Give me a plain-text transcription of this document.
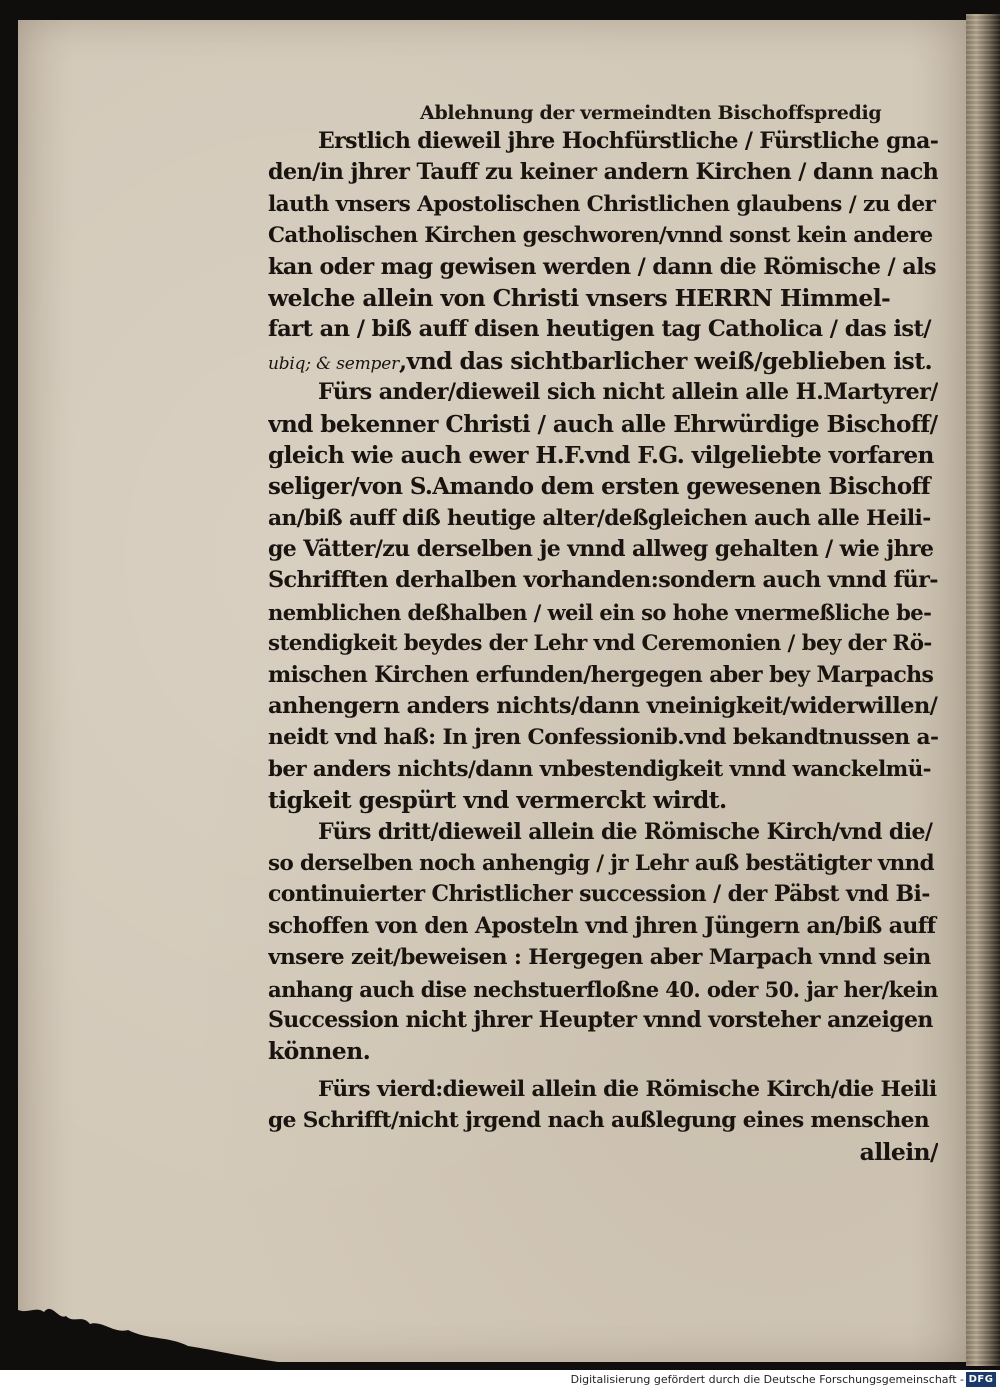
Ablehnung der vermeindten Bischoffspredig
Erstlich dieweil jhre Hochfürstliche / Fürstliche gna-
den/in jhrer Tauff zu keiner andern Kirchen / dann nach
lauth vnsers Apostolischen Christlichen glaubens / zu der
Catholischen Kirchen geschworen/vnnd sonst kein andere
kan oder mag gewisen werden / dann die Römische / als
welche allein von Christi vnsers HERRN Himmel-
fart an / biß auff disen heutigen tag Catholica / das ist/
ubiq; & semper,vnd das sichtbarlicher weiß/geblieben ist.
Fürs ander/dieweil sich nicht allein alle H.Martyrer/
vnd bekenner Christi / auch alle Ehrwürdige Bischoff/
gleich wie auch ewer H.F.vnd F.G. vilgeliebte vorfaren
seliger/von S.Amando dem ersten gewesenen Bischoff
an/biß auff diß heutige alter/deßgleichen auch alle Heili-
ge Vätter/zu derselben je vnnd allweg gehalten / wie jhre
Schrifften derhalben vorhanden:sondern auch vnnd für-
nemblichen deßhalben / weil ein so hohe vnermeßliche be-
stendigkeit beydes der Lehr vnd Ceremonien / bey der Rö-
mischen Kirchen erfunden/hergegen aber bey Marpachs
anhengern anders nichts/dann vneinigkeit/widerwillen/
neidt vnd haß: In jren Confessionib.vnd bekandtnussen a-
ber anders nichts/dann vnbestendigkeit vnnd wanckelmü-
tigkeit gespürt vnd vermerckt wirdt.
Fürs dritt/dieweil allein die Römische Kirch/vnd die/
so derselben noch anhengig / jr Lehr auß bestätigter vnnd
continuierter Christlicher succession / der Päbst vnd Bi-
schoffen von den Aposteln vnd jhren Jüngern an/biß auff
vnsere zeit/beweisen : Hergegen aber Marpach vnnd sein
anhang auch dise nechstuerfloßne 40. oder 50. jar her/kein
Succession nicht jhrer Heupter vnnd vorsteher anzeigen
können.
Fürs vierd:dieweil allein die Römische Kirch/die Heili
ge Schrifft/nicht jrgend nach außlegung eines menschen
allein/
Digitalisierung gefördert durch die Deutsche Forschungsgemeinschaft - DFG
